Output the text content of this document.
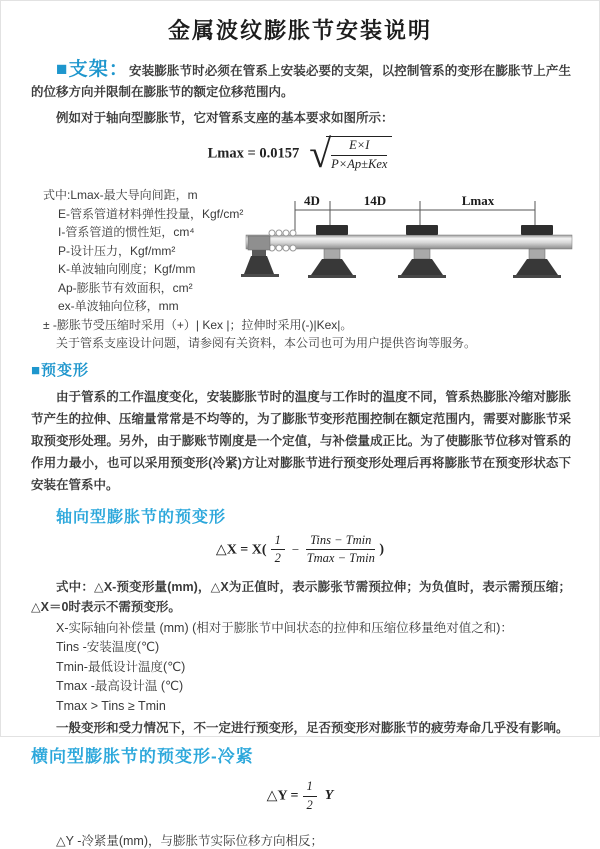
金属波纹膨胀节安装说明

■支架：安装膨胀节时必须在管系上安装必要的支架，以控制管系的变形在膨胀节上产生的位移方向并限制在膨胀节的额定位移范围内。

例如对于轴向型膨胀节，它对管系支座的基本要求如图所示：

Lmax = 0.0157 √ $\frac{E\times I}{\text{P×Ap±Kex}}$
式中:Lmax-最大导向间距，m
E-管系管道材料弹性投量，Kgf/cm²
I-管系管道的惯性矩，cm⁴
P-设计压力，Kgf/mm²
K-单波轴向刚度；Kgf/mm
Ap-膨胀节有效面积，cm²
ex-单波轴向位移，mm
± -膨胀节受压缩时采用（+）| Kex |；拉伸时采用(-)|Kex|。
关于管系支座设计问题，请参阅有关资料，本公司也可为用户提供咨询等服务。
4D	14D	Lmax
■预变形

由于管系的工作温度变化，安装膨胀节时的温度与工作时的温度不同，管系热膨胀冷缩对膨胀节产生的拉伸、压缩量常常是不均等的，为了膨胀节变形范围控制在额定范围内，需要对膨胀节采取预变形处理。另外，由于膨账节刚度是一个定值，与补偿量成正比。为了使膨胀节位移对管系的作用力最小，也可以采用预变形(冷紧)方让对膨胀节进行预变形处理后再将膨胀节在预变形状态下安装在管系中。

轴向型膨胀节的预变形
△X = $X( \frac{1}{2} - \frac{\text{Tins − Tmin}}{Tmax - Tmin}$ )

式中：△X-预变形量(mm)，△X为正值时，表示膨张节需预拉伸；为负值时，表示需预压缩；△X＝0时表示不需预变形。

X-实际轴向补偿量 (mm) (相对于膨胀节中间状态的拉伸和压缩位移量绝对值之和)：
Tins -安装温度(℃)
Tmin-最低设计温度(℃)
Tmax -最高设计温 (℃)
Tmax > Tins ≥ Tmin

一般变形和受力情况下，不一定进行预变形，足否预变形对膨胀节的疲劳寿命几乎没有影响。

横向型膨胀节的预变形-冷紧
△Y = $\frac{1}{2}$ Y

△Y -冷紧量(mm)，与膨胀节实际位移方向相反；
